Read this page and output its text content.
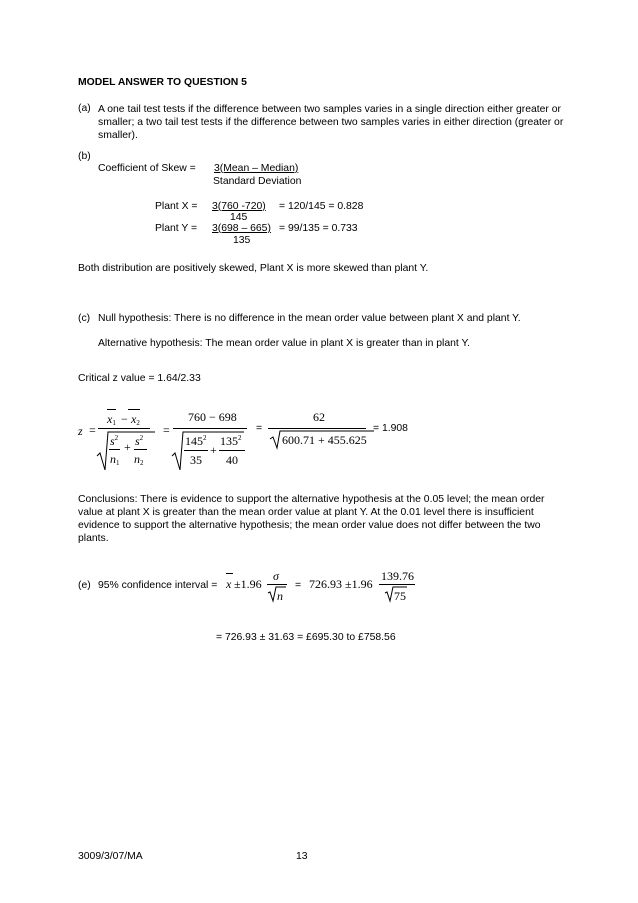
MODEL ANSWER TO QUESTION 5
(a) A one tail test tests if the difference between two samples varies in a single direction either greater or smaller; a two tail test tests if the difference between two samples varies in either direction (greater or smaller).
(b)
Coefficient of Skew = 3(Mean – Median)
Standard Deviation
Plant X = 3(760 -720) = 120/145 = 0.828
145
Plant Y = 3(698 – 665) = 99/135 = 0.733
135
Both distribution are positively skewed, Plant X is more skewed than plant Y.
(c) Null hypothesis: There is no difference in the mean order value between plant X and plant Y.
Alternative hypothesis: The mean order value in plant X is greater than in plant Y.
Critical z value = 1.64/2.33
z =
$x_1 - x_2$
$s^2$
+ $s^2$
$n_1$ $n_2$
=
760 − 698
$145^2$
+
$135^2$
35 40
=
62
600.71 + 455.625
= 1.908
Conclusions: There is evidence to support the alternative hypothesis at the 0.05 level; the mean order value at plant X is greater than the mean order value at plant Y. At the 0.01 level there is insufficient evidence to support the alternative hypothesis; the mean order value does not differ between the two plants.
(e) 95% confidence interval = x ±1.96
σ
n
= 726.93 ±1.96
139.76
75
= 726.93 ± 31.63 = £695.30 to £758.56
3009/3/07/MA	13
